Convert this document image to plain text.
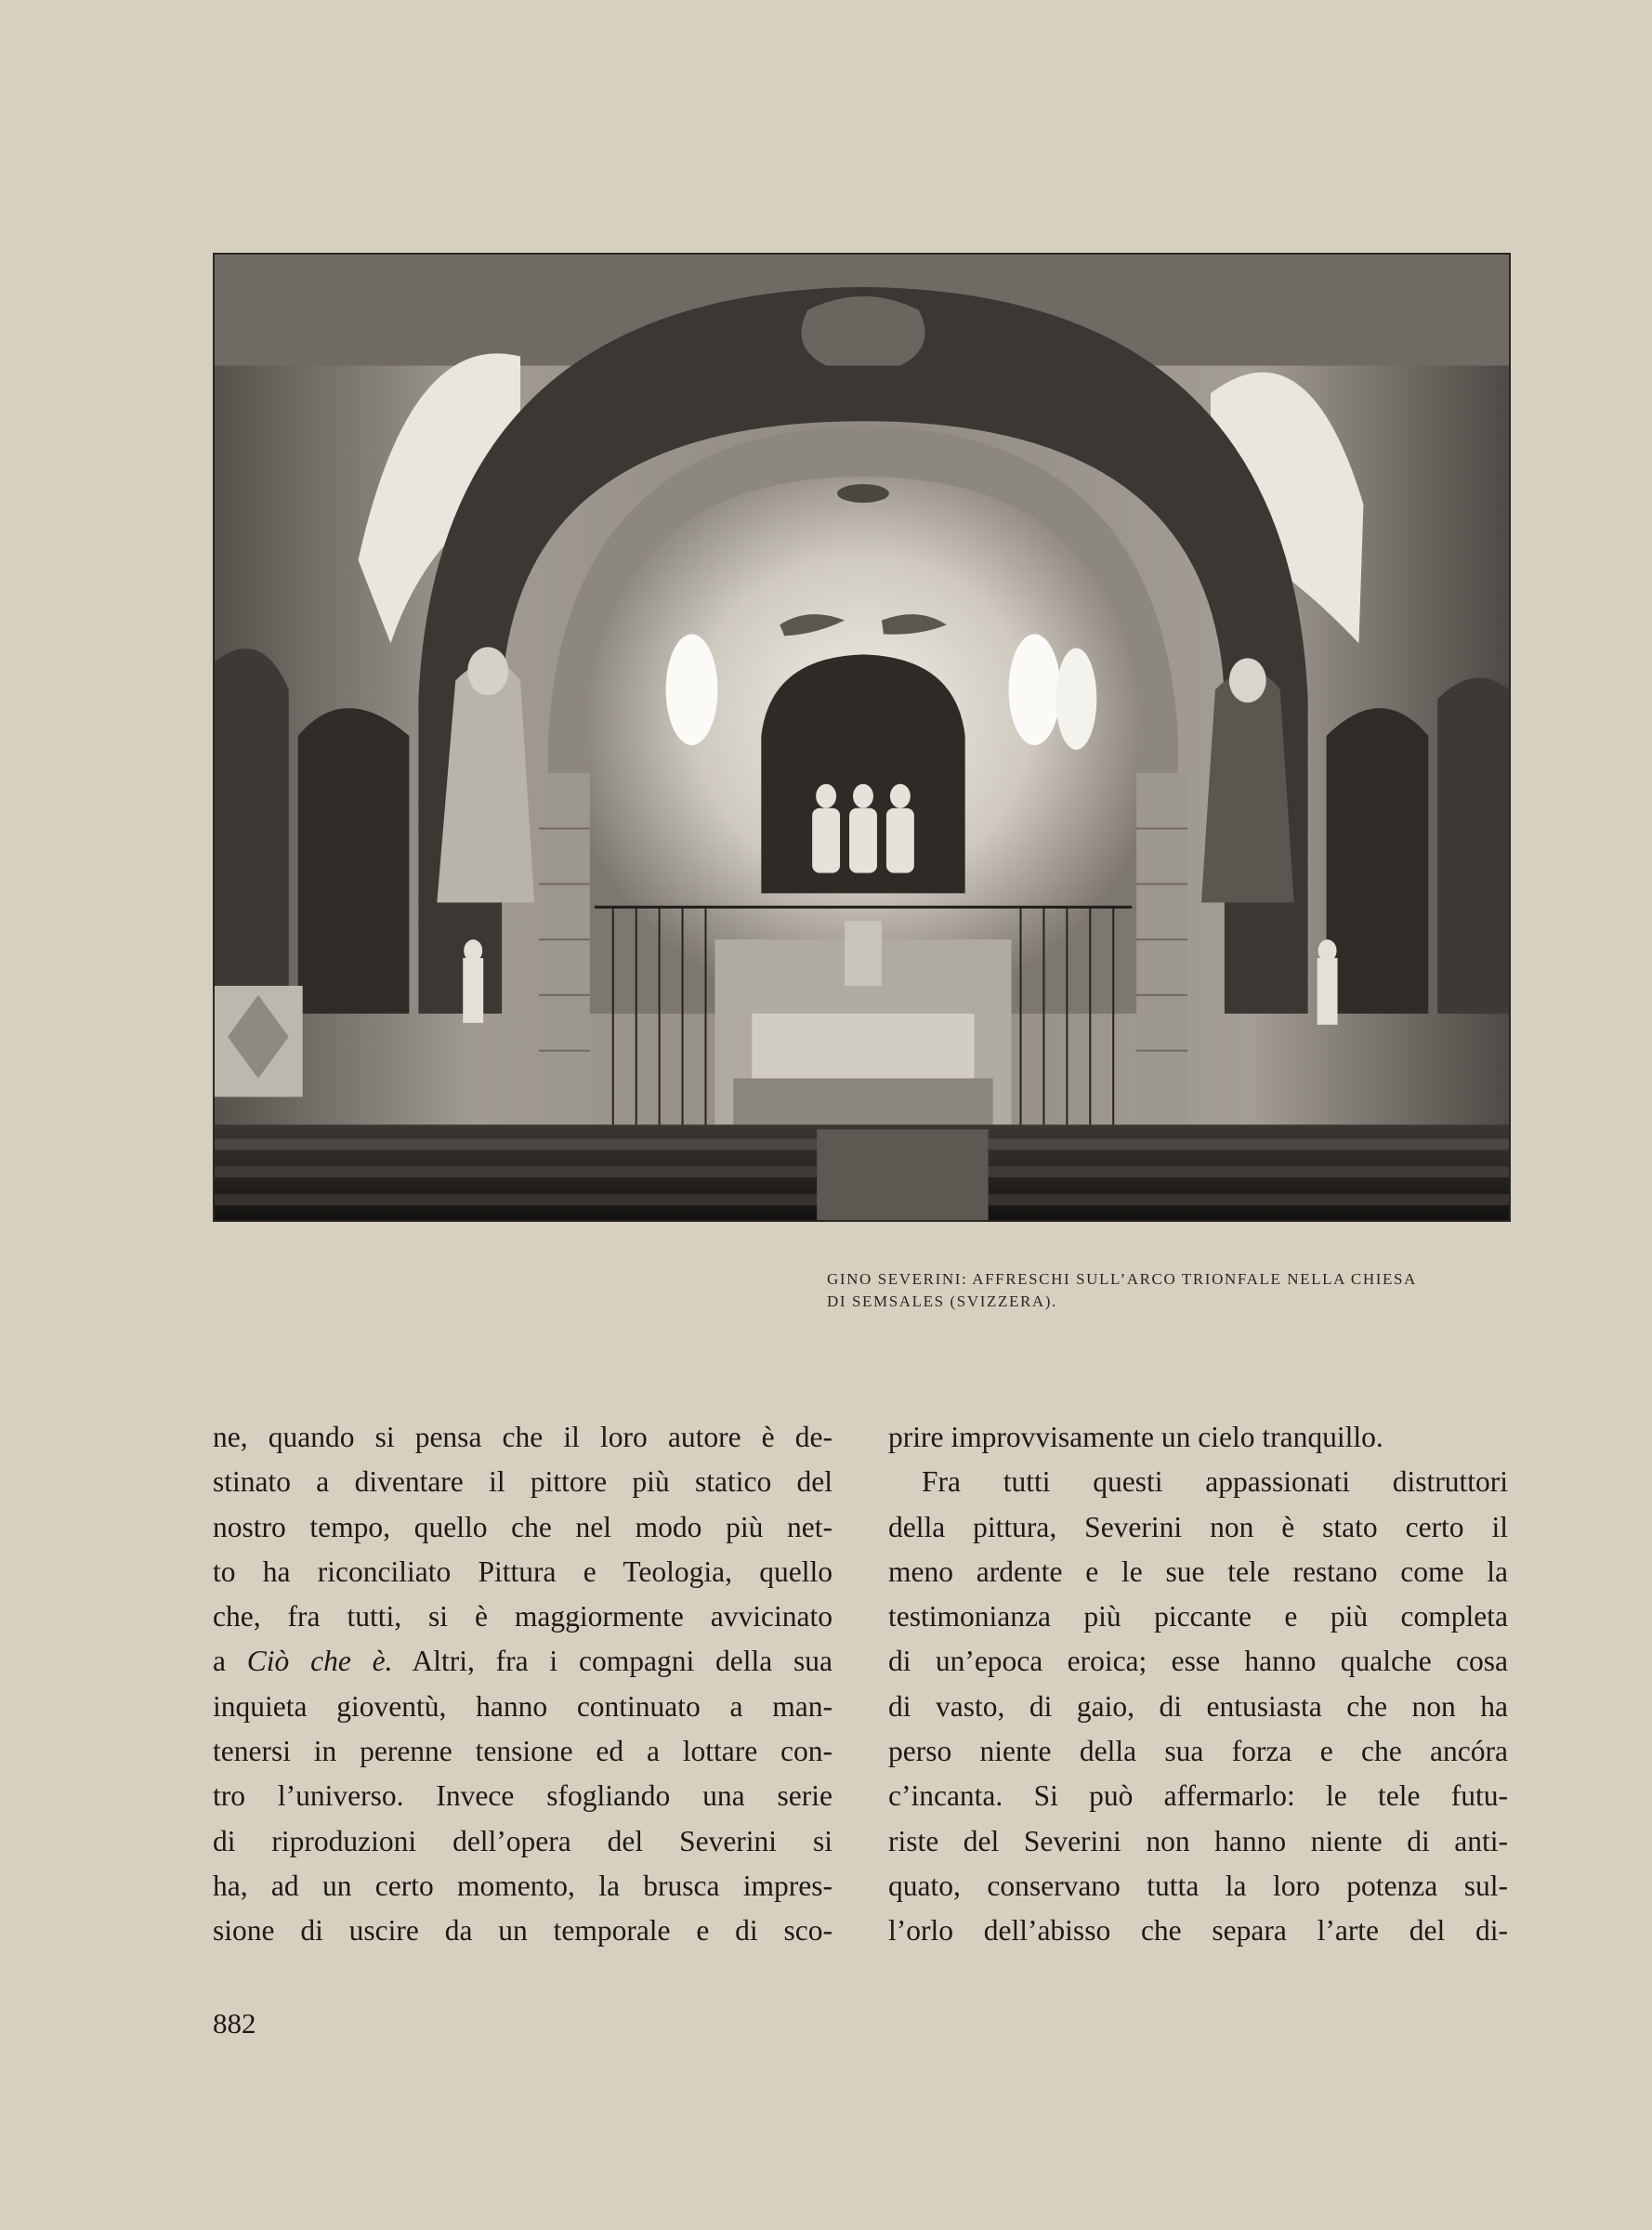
GINO SEVERINI: AFFRESCHI SULL’ARCO TRIONFALE NELLA CHIESA
DI SEMSALES (SVIZZERA).
ne, quando si pensa che il loro autore è de-
stinato a diventare il pittore più statico del
nostro tempo, quello che nel modo più net-
to ha riconciliato Pittura e Teologia, quello
che, fra tutti, si è maggiormente avvicinato
a Ciò che è. Altri, fra i compagni della sua
inquieta gioventù, hanno continuato a man-
tenersi in perenne tensione ed a lottare con-
tro l’universo. Invece sfogliando una serie
di riproduzioni dell’opera del Severini si
ha, ad un certo momento, la brusca impres-
sione di uscire da un temporale e di sco-
prire improvvisamente un cielo tranquillo.
Fra tutti questi appassionati distruttori
della pittura, Severini non è stato certo il
meno ardente e le sue tele restano come la
testimonianza più piccante e più completa
di un’epoca eroica; esse hanno qualche cosa
di vasto, di gaio, di entusiasta che non ha
perso niente della sua forza e che ancóra
c’incanta. Si può affermarlo: le tele futu-
riste del Severini non hanno niente di anti-
quato, conservano tutta la loro potenza sul-
l’orlo dell’abisso che separa l’arte del di-
882
